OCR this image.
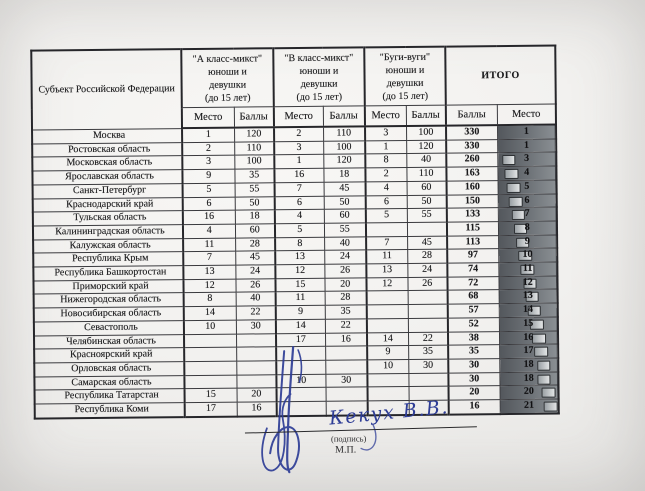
Субъект Российской Федерации	"А класс-микст"
юноши и
девушки
(до 15 лет)		"В класс-микст"
юноши и
девушки
(до 15 лет)		"Буги-вуги"
юноши и
девушки
(до 15 лет)		ИТОГО	
	Место	Баллы	Место	Баллы	Место	Баллы	Баллы	Место
Москва	1	120	2	110	3	100	330	1
Ростовская область	2	110	3	100	1	120	330	1
Московская область	3	100	1	120	8	40	260	3
Ярославская область	9	35	16	18	2	110	163	4
Санкт-Петербург	5	55	7	45	4	60	160	5
Краснодарский край	6	50	6	50	6	50	150	6
Тульская область	16	18	4	60	5	55	133	7
Калининградская область	4	60	5	55			115	8
Калужская область	11	28	8	40	7	45	113	9
Республика Крым	7	45	13	24	11	28	97	10
Республика Башкортостан	13	24	12	26	13	24	74	11
Приморский край	12	26	15	20	12	26	72	12
Нижегородская область	8	40	11	28			68	13
Новосибирская область	14	22	9	35			57	14
Севастополь	10	30	14	22			52	15
Челябинская область			17	16	14	22	38	16
Красноярский край					9	35	35	17
Орловская область					10	30	30	18
Самарская область			10	30			30	18
Республика Татарстан	15	20					20	20
Республика Коми	17	16					16	21
Кекух В.В.
(подпись)
М.П.
